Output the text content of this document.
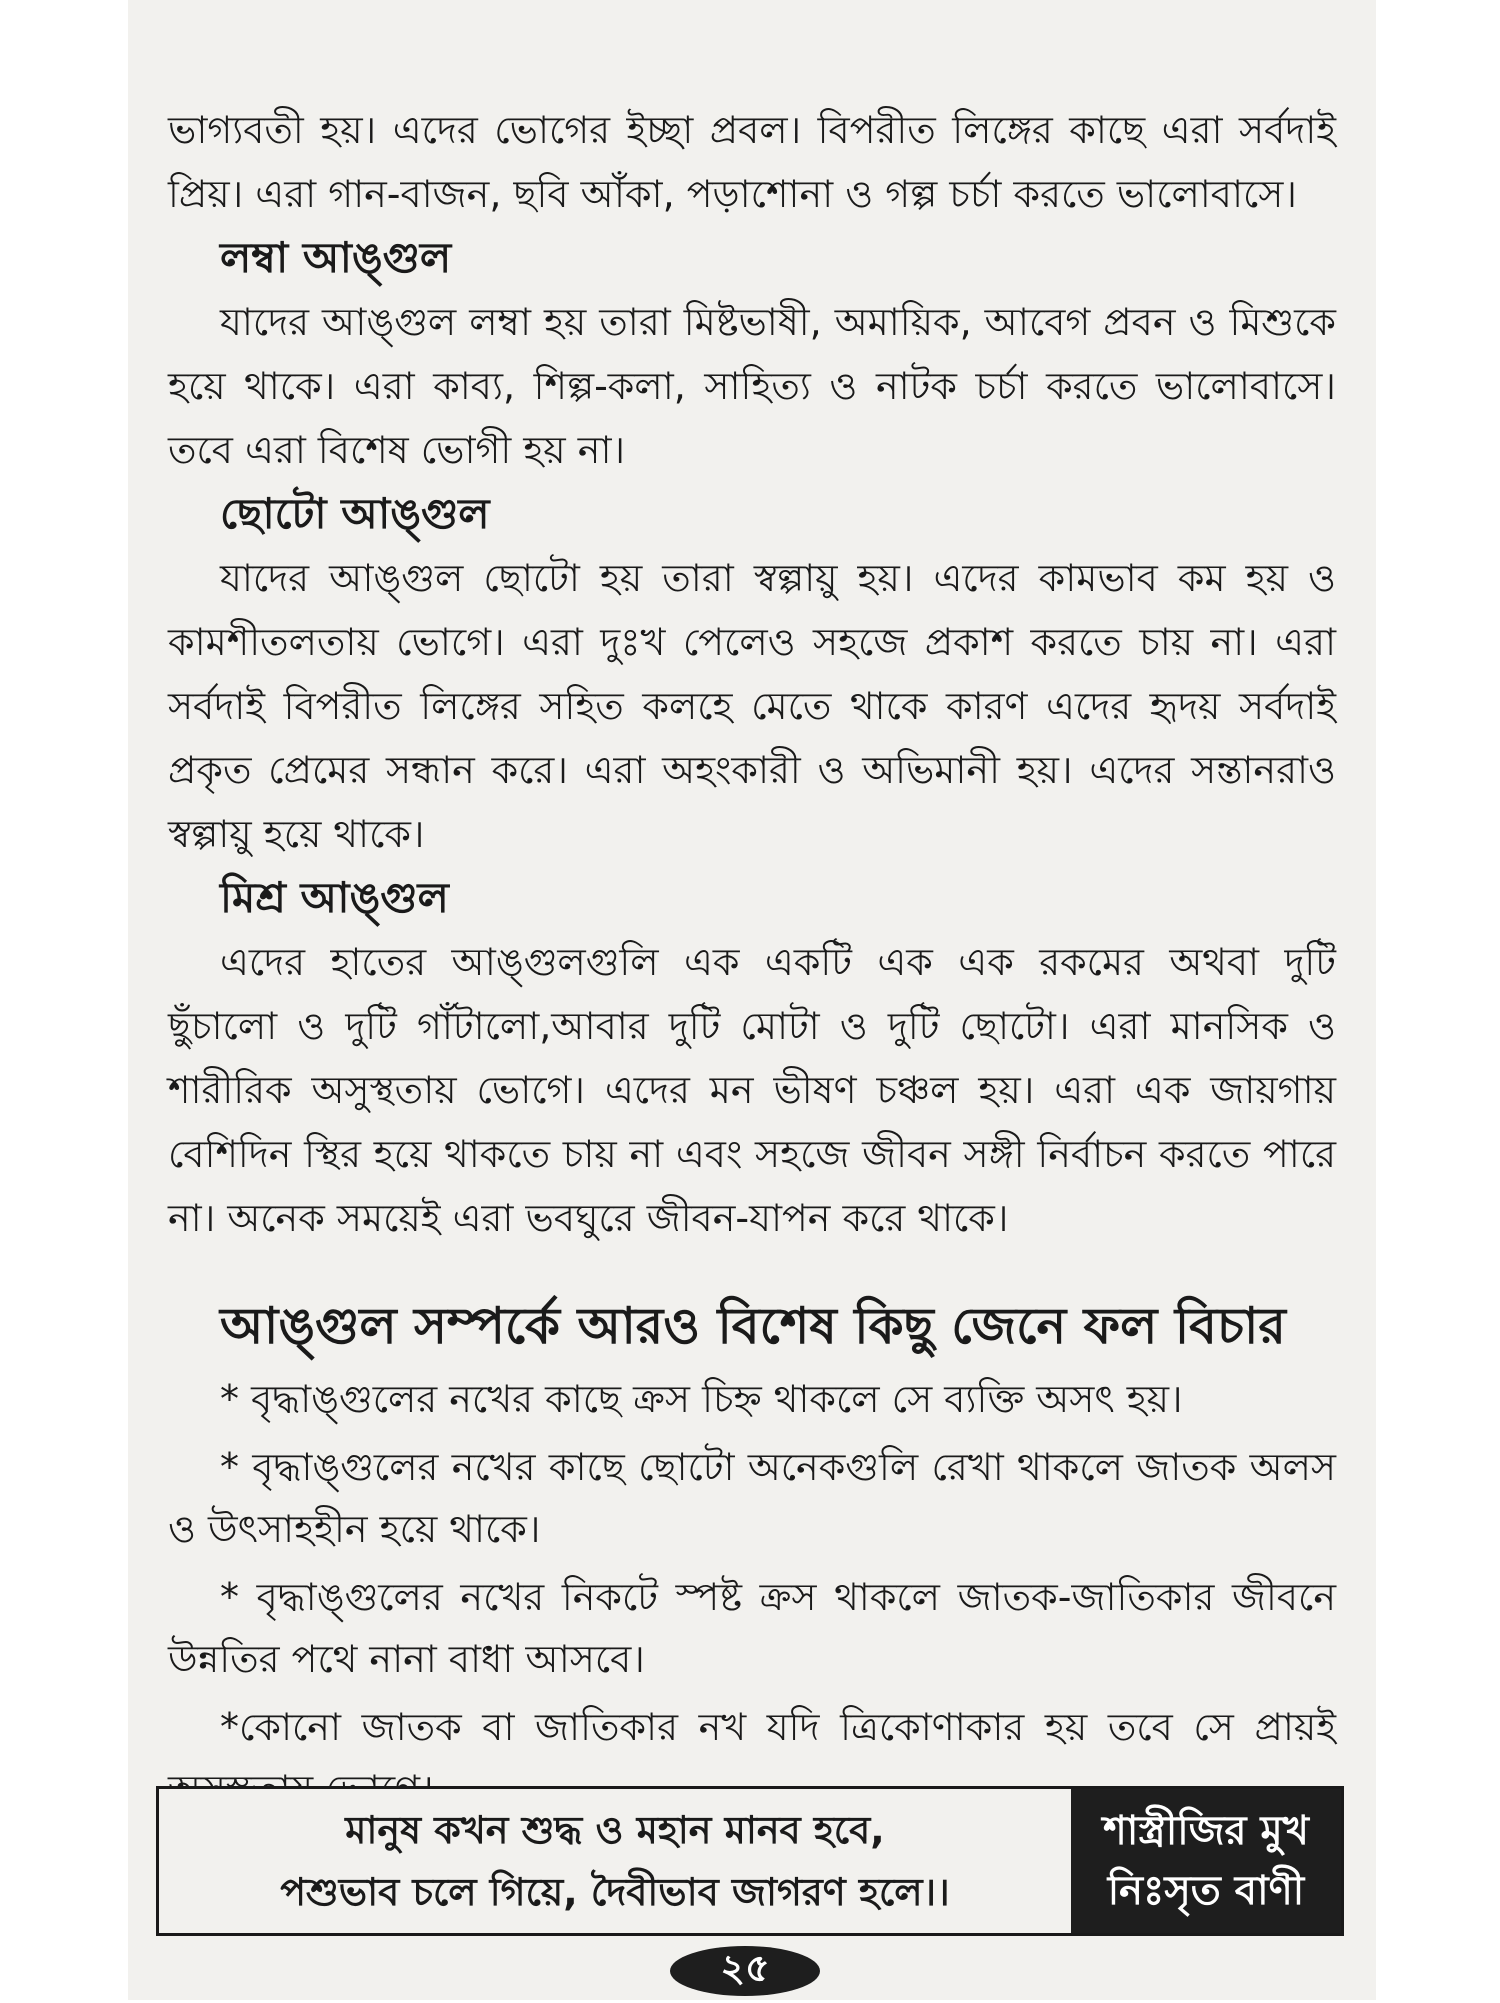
ভাগ্যবতী হয়। এদের ভোগের ইচ্ছা প্রবল। বিপরীত লিঙ্গের কাছে এরা সর্বদাই প্রিয়। এরা গান-বাজন, ছবি আঁকা, পড়াশোনা ও গল্প চর্চা করতে ভালোবাসে।

লম্বা আঙ্গুল

যাদের আঙ্গুল লম্বা হয় তারা মিষ্টভাষী, অমায়িক, আবেগ প্রবন ও মিশুকে হয়ে থাকে। এরা কাব্য, শিল্প-কলা, সাহিত্য ও নাটক চর্চা করতে ভালোবাসে। তবে এরা বিশেষ ভোগী হয় না।

ছোটো আঙ্গুল

যাদের আঙ্গুল ছোটো হয় তারা স্বল্পায়ু হয়। এদের কামভাব কম হয় ও কামশীতলতায় ভোগে। এরা দুঃখ পেলেও সহজে প্রকাশ করতে চায় না। এরা সর্বদাই বিপরীত লিঙ্গের সহিত কলহে মেতে থাকে কারণ এদের হৃদয় সর্বদাই প্রকৃত প্রেমের সন্ধান করে। এরা অহংকারী ও অভিমানী হয়। এদের সন্তানরাও স্বল্পায়ু হয়ে থাকে।

মিশ্র আঙ্গুল

এদের হাতের আঙ্গুলগুলি এক একটি এক এক রকমের অথবা দুটি ছুঁচালো ও দুটি গাঁটালো,আবার দুটি মোটা ও দুটি ছোটো। এরা মানসিক ও শারীরিক অসুস্থতায় ভোগে। এদের মন ভীষণ চঞ্চল হয়। এরা এক জায়গায় বেশিদিন স্থির হয়ে থাকতে চায় না এবং সহজে জীবন সঙ্গী নির্বাচন করতে পারে না। অনেক সময়েই এরা ভবঘুরে জীবন-যাপন করে থাকে।

আঙ্গুল সম্পর্কে আরও বিশেষ কিছু জেনে ফল বিচার

* বৃদ্ধাঙ্গুলের নখের কাছে ক্রস চিহ্ন থাকলে সে ব্যক্তি অসৎ হয়।

* বৃদ্ধাঙ্গুলের নখের কাছে ছোটো অনেকগুলি রেখা থাকলে জাতক অলস ও উৎসাহহীন হয়ে থাকে।

* বৃদ্ধাঙ্গুলের নখের নিকটে স্পষ্ট ক্রস থাকলে জাতক-জাতিকার জীবনে উন্নতির পথে নানা বাধা আসবে।

*কোনো জাতক বা জাতিকার নখ যদি ত্রিকোণাকার হয় তবে সে প্রায়ই

মানুষ কখন শুদ্ধ ও মহান মানব হবে,
পশুভাব চলে গিয়ে, দৈবীভাব জাগরণ হলে।।
শাস্ত্রীজির মুখ
নিঃসৃত বাণী
২৫
